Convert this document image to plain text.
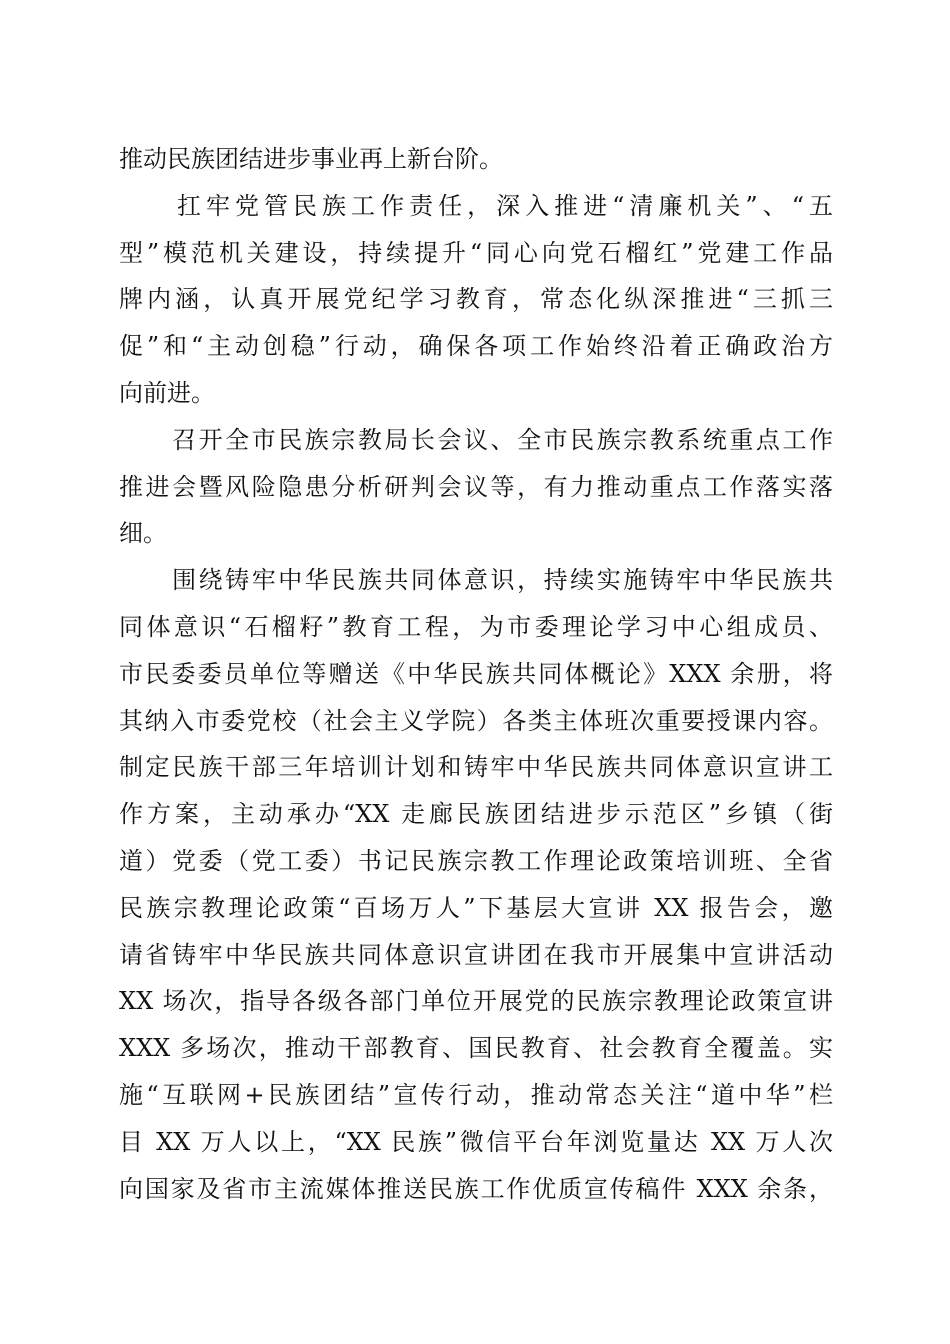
推动民族团结进步事业再上新台阶。
　　扛牢党管民族工作责任，深入推进“清廉机关”、“五
型”模范机关建设，持续提升“同心向党石榴红”党建工作品
牌内涵，认真开展党纪学习教育，常态化纵深推进“三抓三
促”和“主动创稳”行动，确保各项工作始终沿着正确政治方
向前进。
　　召开全市民族宗教局长会议、全市民族宗教系统重点工作
推进会暨风险隐患分析研判会议等，有力推动重点工作落实落
细。
　　围绕铸牢中华民族共同体意识，持续实施铸牢中华民族共
同体意识“石榴籽”教育工程，为市委理论学习中心组成员、
市民委委员单位等赠送《中华民族共同体概论》XXX 余册，将
其纳入市委党校（社会主义学院）各类主体班次重要授课内容。
制定民族干部三年培训计划和铸牢中华民族共同体意识宣讲工
作方案，主动承办“XX 走廊民族团结进步示范区”乡镇（街
道）党委（党工委）书记民族宗教工作理论政策培训班、全省
民族宗教理论政策“百场万人”下基层大宣讲 XX 报告会，邀
请省铸牢中华民族共同体意识宣讲团在我市开展集中宣讲活动
XX 场次，指导各级各部门单位开展党的民族宗教理论政策宣讲
XXX 多场次，推动干部教育、国民教育、社会教育全覆盖。实
施“互联网+民族团结”宣传行动，推动常态关注“道中华”栏
目 XX 万人以上，“XX 民族”微信平台年浏览量达 XX 万人次
向国家及省市主流媒体推送民族工作优质宣传稿件 XXX 余条，
